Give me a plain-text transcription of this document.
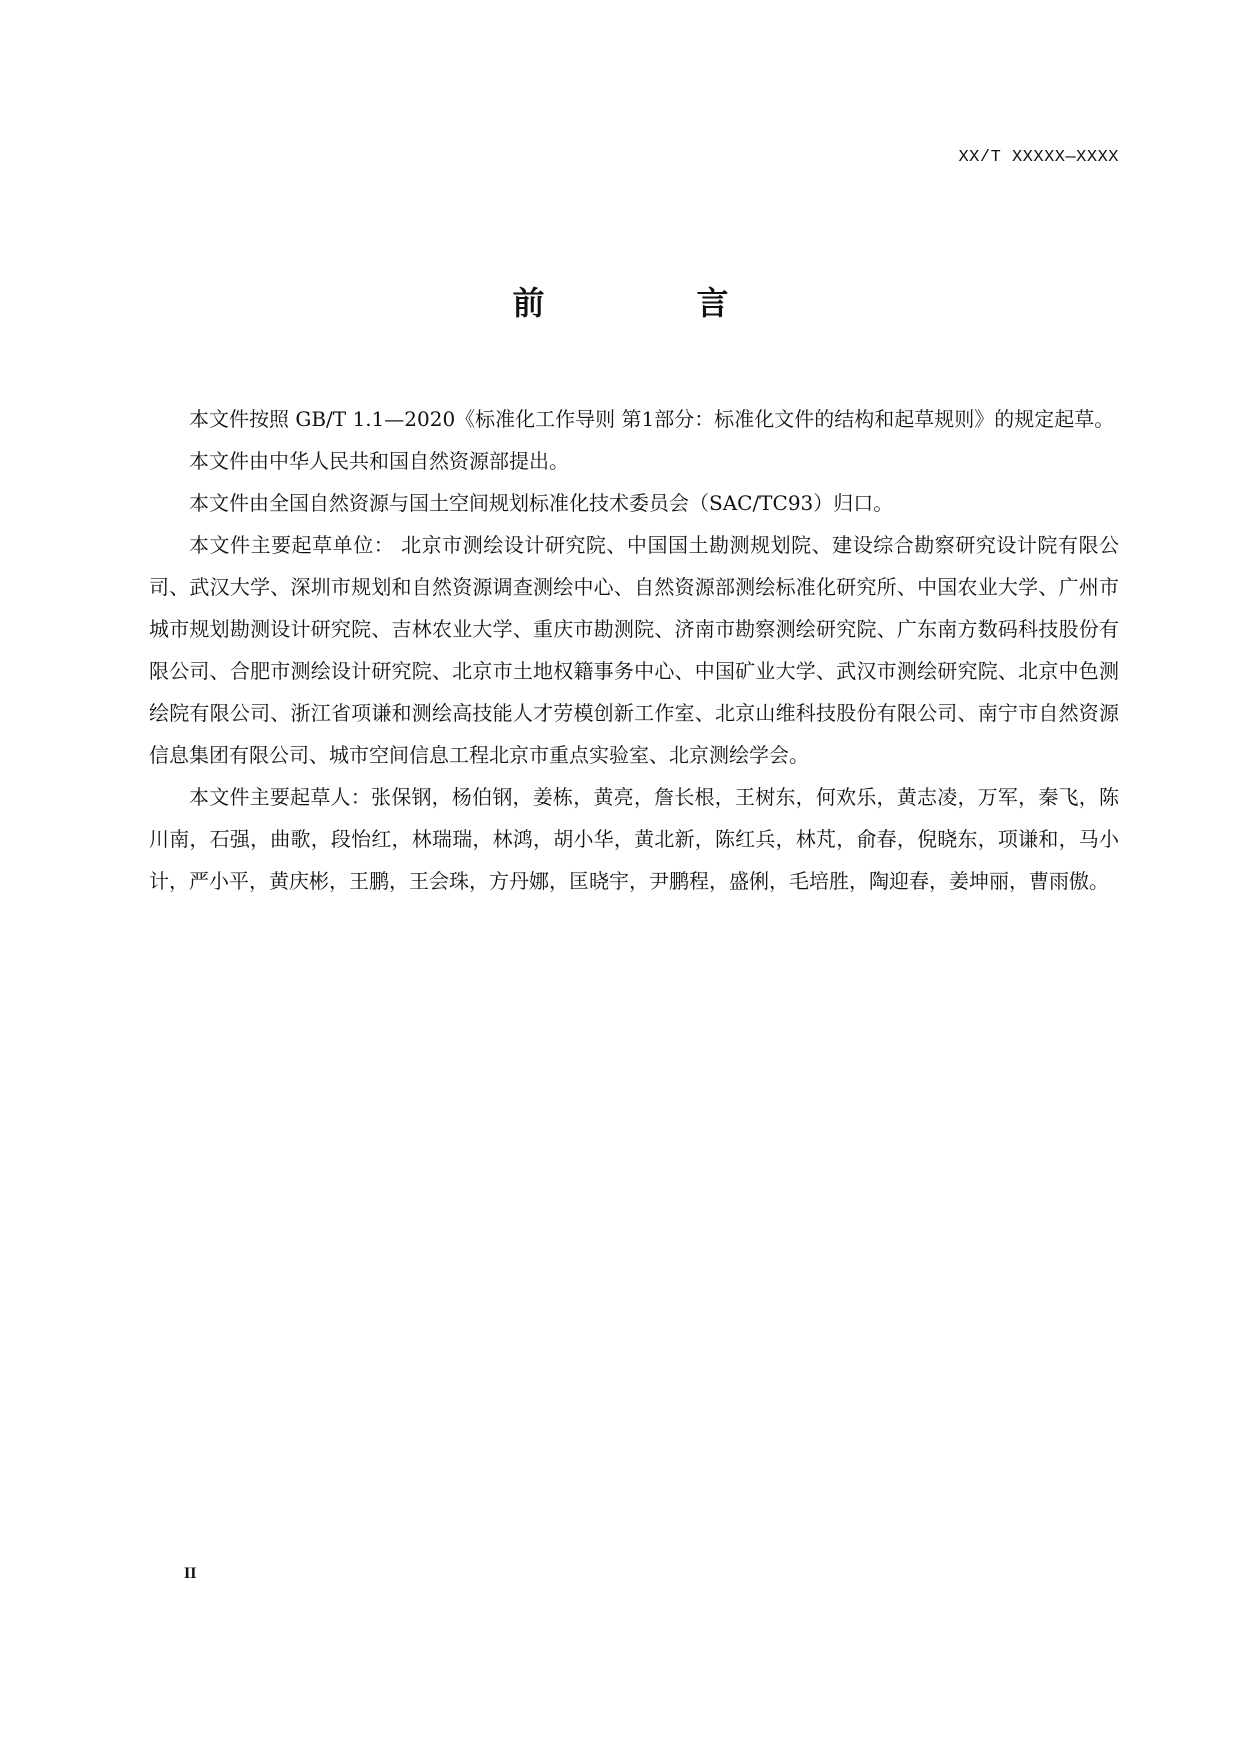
XX/T XXXXX—XXXX
前　言

本文件按照 GB/T 1.1—2020《标准化工作导则 第1部分：标准化文件的结构和起草规则》的规定起草。

本文件由中华人民共和国自然资源部提出。

本文件由全国自然资源与国土空间规划标准化技术委员会（SAC/TC93）归口。

本文件主要起草单位： 北京市测绘设计研究院、中国国土勘测规划院、建设综合勘察研究设计院有限公司、武汉大学、深圳市规划和自然资源调查测绘中心、自然资源部测绘标准化研究所、中国农业大学、广州市城市规划勘测设计研究院、吉林农业大学、重庆市勘测院、济南市勘察测绘研究院、广东南方数码科技股份有限公司、合肥市测绘设计研究院、北京市土地权籍事务中心、中国矿业大学、武汉市测绘研究院、北京中色测绘院有限公司、浙江省项谦和测绘高技能人才劳模创新工作室、北京山维科技股份有限公司、南宁市自然资源信息集团有限公司、城市空间信息工程北京市重点实验室、北京测绘学会。

本文件主要起草人：张保钢，杨伯钢，姜栋，黄亮，詹长根，王树东，何欢乐，黄志凌，万军，秦飞，陈川南，石强，曲歌，段怡红，林瑞瑞，林鸿，胡小华，黄北新，陈红兵，林芃，俞春，倪晓东，项谦和，马小计，严小平，黄庆彬，王鹏，王会珠，方丹娜，匡晓宇，尹鹏程，盛俐，毛培胜，陶迎春，姜坤丽，曹雨傲。

II
